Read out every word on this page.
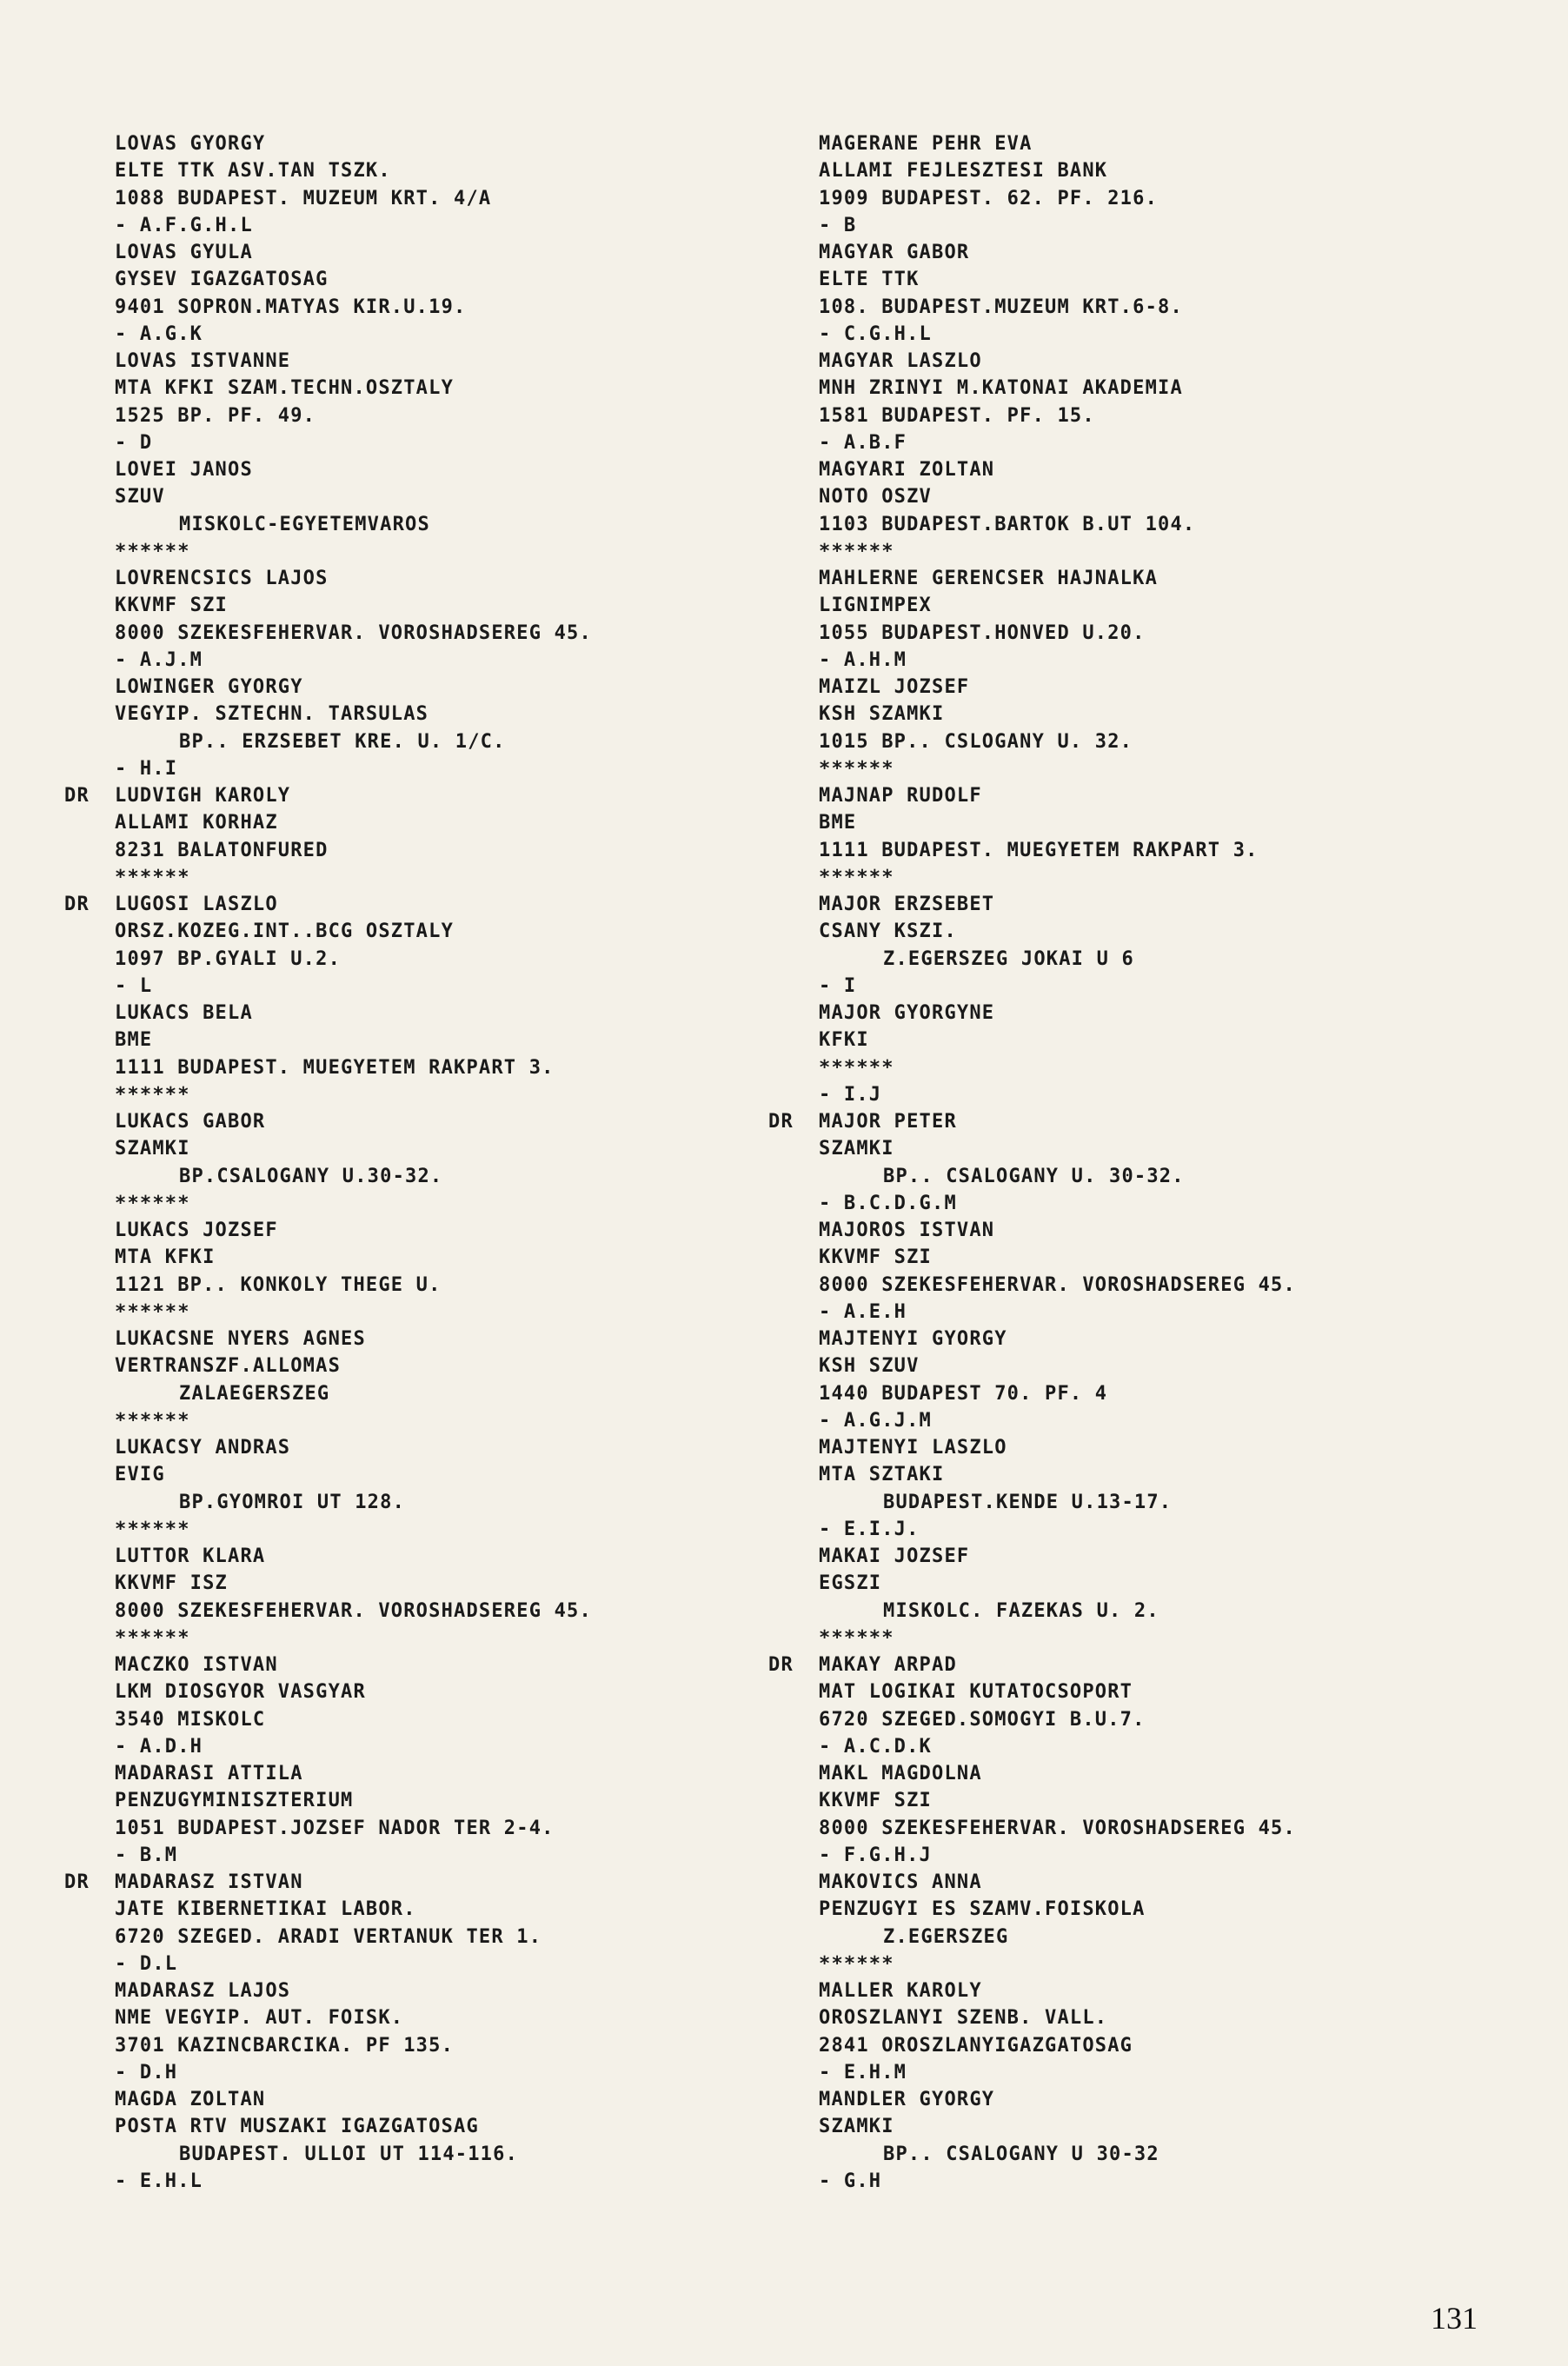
LOVAS GYORGY
ELTE TTK ASV.TAN TSZK.
1088 BUDAPEST. MUZEUM KRT. 4/A
- A.F.G.H.L
LOVAS GYULA
GYSEV IGAZGATOSAG
9401 SOPRON.MATYAS KIR.U.19.
- A.G.K
LOVAS ISTVANNE
MTA KFKI SZAM.TECHN.OSZTALY
1525 BP. PF. 49.
- D
LOVEI JANOS
SZUV
MISKOLC-EGYETEMVAROS
******
LOVRENCSICS LAJOS
KKVMF SZI
8000 SZEKESFEHERVAR. VOROSHADSEREG 45.
- A.J.M
LOWINGER GYORGY
VEGYIP. SZTECHN. TARSULAS
BP.. ERZSEBET KRE. U. 1/C.
- H.I
DR LUDVIGH KAROLY
ALLAMI KORHAZ
8231 BALATONFURED
******
DR LUGOSI LASZLO
ORSZ.KOZEG.INT..BCG OSZTALY
1097 BP.GYALI U.2.
- L
LUKACS BELA
BME
1111 BUDAPEST. MUEGYETEM RAKPART 3.
******
LUKACS GABOR
SZAMKI
BP.CSALOGANY U.30-32.
******
LUKACS JOZSEF
MTA KFKI
1121 BP.. KONKOLY THEGE U.
******
LUKACSNE NYERS AGNES
VERTRANSZF.ALLOMAS
ZALAEGERSZEG
******
LUKACSY ANDRAS
EVIG
BP.GYOMROI UT 128.
******
LUTTOR KLARA
KKVMF ISZ
8000 SZEKESFEHERVAR. VOROSHADSEREG 45.
******
MACZKO ISTVAN
LKM DIOSGYOR VASGYAR
3540 MISKOLC
- A.D.H
MADARASI ATTILA
PENZUGYMINISZTERIUM
1051 BUDAPEST.JOZSEF NADOR TER 2-4.
- B.M
DR MADARASZ ISTVAN
JATE KIBERNETIKAI LABOR.
6720 SZEGED. ARADI VERTANUK TER 1.
- D.L
MADARASZ LAJOS
NME VEGYIP. AUT. FOISK.
3701 KAZINCBARCIKA. PF 135.
- D.H
MAGDA ZOLTAN
POSTA RTV MUSZAKI IGAZGATOSAG
BUDAPEST. ULLOI UT 114-116.
- E.H.L
MAGERANE PEHR EVA
ALLAMI FEJLESZTESI BANK
1909 BUDAPEST. 62. PF. 216.
- B
MAGYAR GABOR
ELTE TTK
108. BUDAPEST.MUZEUM KRT.6-8.
- C.G.H.L
MAGYAR LASZLO
MNH ZRINYI M.KATONAI AKADEMIA
1581 BUDAPEST. PF. 15.
- A.B.F
MAGYARI ZOLTAN
NOTO OSZV
1103 BUDAPEST.BARTOK B.UT 104.
******
MAHLERNE GERENCSER HAJNALKA
LIGNIMPEX
1055 BUDAPEST.HONVED U.20.
- A.H.M
MAIZL JOZSEF
KSH SZAMKI
1015 BP.. CSLOGANY U. 32.
******
MAJNAP RUDOLF
BME
1111 BUDAPEST. MUEGYETEM RAKPART 3.
******
MAJOR ERZSEBET
CSANY KSZI.
Z.EGERSZEG JOKAI U 6
- I
MAJOR GYORGYNE
KFKI
******
- I.J
DR MAJOR PETER
SZAMKI
BP.. CSALOGANY U. 30-32.
- B.C.D.G.M
MAJOROS ISTVAN
KKVMF SZI
8000 SZEKESFEHERVAR. VOROSHADSEREG 45.
- A.E.H
MAJTENYI GYORGY
KSH SZUV
1440 BUDAPEST 70. PF. 4
- A.G.J.M
MAJTENYI LASZLO
MTA SZTAKI
BUDAPEST.KENDE U.13-17.
- E.I.J.
MAKAI JOZSEF
EGSZI
MISKOLC. FAZEKAS U. 2.
******
DR MAKAY ARPAD
MAT LOGIKAI KUTATOCSOPORT
6720 SZEGED.SOMOGYI B.U.7.
- A.C.D.K
MAKL MAGDOLNA
KKVMF SZI
8000 SZEKESFEHERVAR. VOROSHADSEREG 45.
- F.G.H.J
MAKOVICS ANNA
PENZUGYI ES SZAMV.FOISKOLA
Z.EGERSZEG
******
MALLER KAROLY
OROSZLANYI SZENB. VALL.
2841 OROSZLANYIGAZGATOSAG
- E.H.M
MANDLER GYORGY
SZAMKI
BP.. CSALOGANY U 30-32
- G.H
131
